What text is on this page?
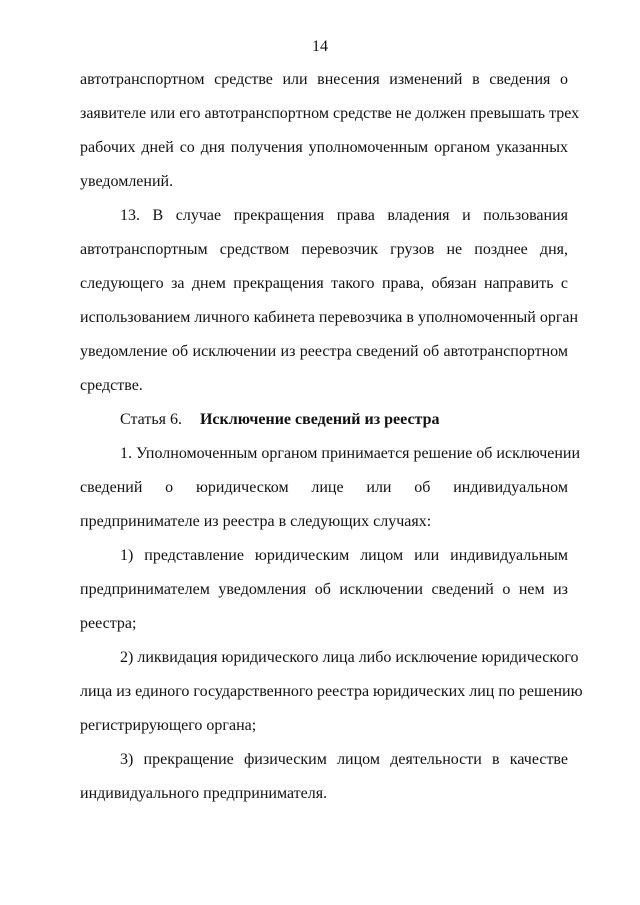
14
автотранспортном средстве или внесения изменений в сведения о
заявителе или его автотранспортном средстве не должен превышать трех
рабочих дней со дня получения уполномоченным органом указанных
уведомлений.
13. В случае прекращения права владения и пользования
автотранспортным средством перевозчик грузов не позднее дня,
следующего за днем прекращения такого права, обязан направить с
использованием личного кабинета перевозчика в уполномоченный орган
уведомление об исключении из реестра сведений об автотранспортном
средстве.
Статья 6. Исключение сведений из реестра
1. Уполномоченным органом принимается решение об исключении
сведений о юридическом лице или об индивидуальном
предпринимателе из реестра в следующих случаях:
1) представление юридическим лицом или индивидуальным
предпринимателем уведомления об исключении сведений о нем из
реестра;
2) ликвидация юридического лица либо исключение юридического
лица из единого государственного реестра юридических лиц по решению
регистрирующего органа;
3) прекращение физическим лицом деятельности в качестве
индивидуального предпринимателя.
